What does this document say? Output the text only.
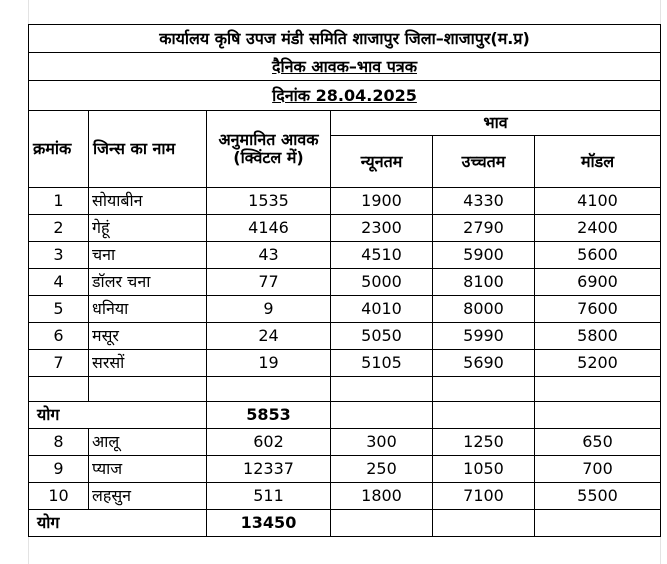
कार्यालय कृषि उपज मंडी समिति शाजापुर जिला–शाजापुर(म.प्र)					
दैनिक आवक–भाव पत्रक					
दिनांक 28.04.2025					
क्रमांक	जिन्स का नाम	अनुमानित आवक (क्विंटल में)	भाव		
			न्यूनतम	उच्चतम	मॉडल
1	सोयाबीन	1535	1900	4330	4100
2	गेहूं	4146	2300	2790	2400
3	चना	43	4510	5900	5600
4	डॉलर चना	77	5000	8100	6900
5	धनिया	9	4010	8000	7600
6	मसूर	24	5050	5990	5800
7	सरसों	19	5105	5690	5200

योग		5853			
8	आलू	602	300	1250	650
9	प्याज	12337	250	1050	700
10	लहसुन	511	1800	7100	5500
योग		13450			
